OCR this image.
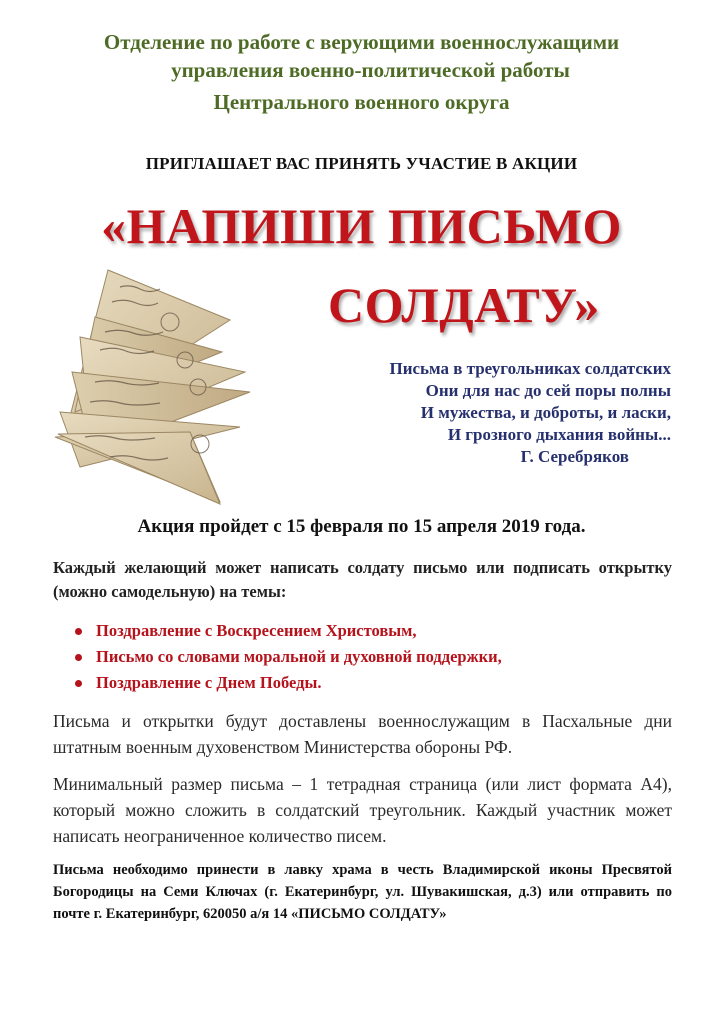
Отделение по работе с верующими военнослужащими
управления военно-политической работы
Центрального военного округа
ПРИГЛАШАЕТ ВАС ПРИНЯТЬ УЧАСТИЕ В АКЦИИ
«НАПИШИ ПИСЬМО
СОЛДАТУ»
Письма в треугольниках солдатских
Они для нас до сей поры полны
И мужества, и доброты, и ласки,
И грозного дыхания войны...
Г. Серебряков
Акция пройдет с 15 февраля по 15 апреля 2019 года.
Каждый желающий может написать солдату письмо или подписать открытку (можно самодельную) на темы:
Поздравление с Воскресением Христовым,
Письмо со словами моральной и духовной поддержки,
Поздравление с Днем Победы.
Письма и открытки будут доставлены военнослужащим в Пасхальные дни штатным военным духовенством Министерства обороны РФ.
Минимальный размер письма – 1 тетрадная страница (или лист формата А4), который можно сложить в солдатский треугольник. Каждый участник может написать неограниченное количество писем.
Письма необходимо принести в лавку храма в честь Владимирской иконы Пресвятой Богородицы на Семи Ключах (г. Екатеринбург, ул. Шувакишская, д.3) или отправить по почте г. Екатеринбург, 620050 а/я 14 «ПИСЬМО СОЛДАТУ»
